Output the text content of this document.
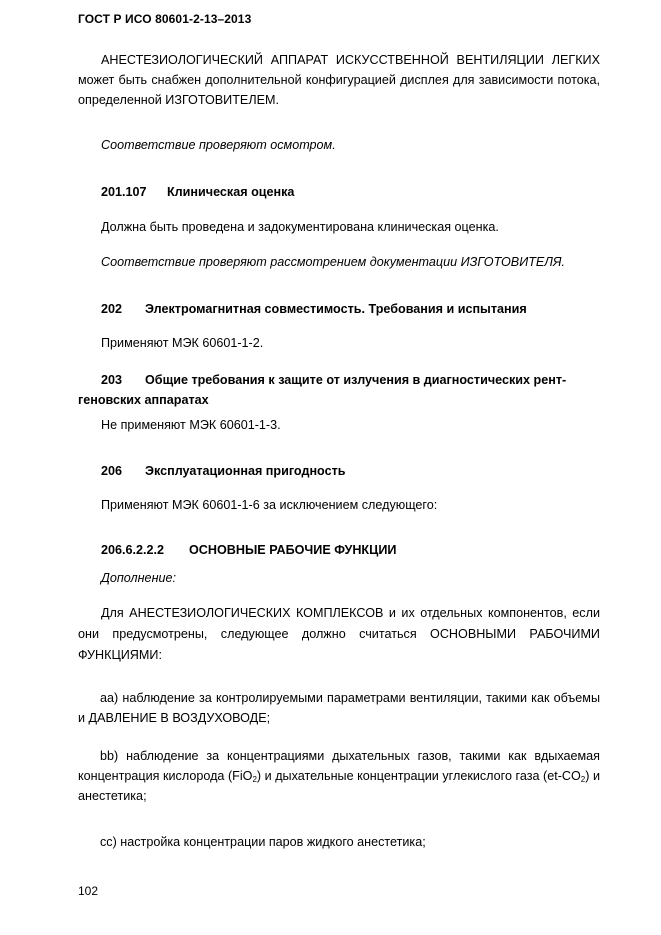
ГОСТ Р ИСО 80601-2-13–2013

АНЕСТЕЗИОЛОГИЧЕСКИЙ АППАРАТ ИСКУССТВЕННОЙ ВЕНТИЛЯЦИИ ЛЕГКИХ может быть снабжен дополнительной конфигурацией дисплея для зависимости потока, определенной ИЗГОТОВИТЕЛЕМ.

Соответствие проверяют осмотром.
201.107 Клиническая оценка
Должна быть проведена и задокументирована клиническая оценка.
Соответствие проверяют рассмотрением документации ИЗГОТОВИТЕЛЯ.
202 Электромагнитная совместимость. Требования и испытания
Применяют МЭК 60601-1-2.
203 Общие требования к защите от излучения в диагностических рент-
геновских аппаратах
Не применяют МЭК 60601-1-3.
206 Эксплуатационная пригодность
Применяют МЭК 60601-1-6 за исключением следующего:
206.6.2.2.2 ОСНОВНЫЕ РАБОЧИЕ ФУНКЦИИ
Дополнение:

Для АНЕСТЕЗИОЛОГИЧЕСКИХ КОМПЛЕКСОВ и их отдельных компонентов, если они предусмотрены, следующее должно считаться ОСНОВНЫМИ РАБОЧИМИ ФУНКЦИЯМИ:

aa) наблюдение за контролируемыми параметрами вентиляции, такими как объемы и ДАВЛЕНИЕ В ВОЗДУХОВОДЕ;

bb) наблюдение за концентрациями дыхательных газов, такими как вдыхаемая концентрация кислорода (FiO$_2$) и дыхательные концентрации углекислого газа $(et-CO_2)$ и анестетика;

cc) настройка концентрации паров жидкого анестетика;

102
